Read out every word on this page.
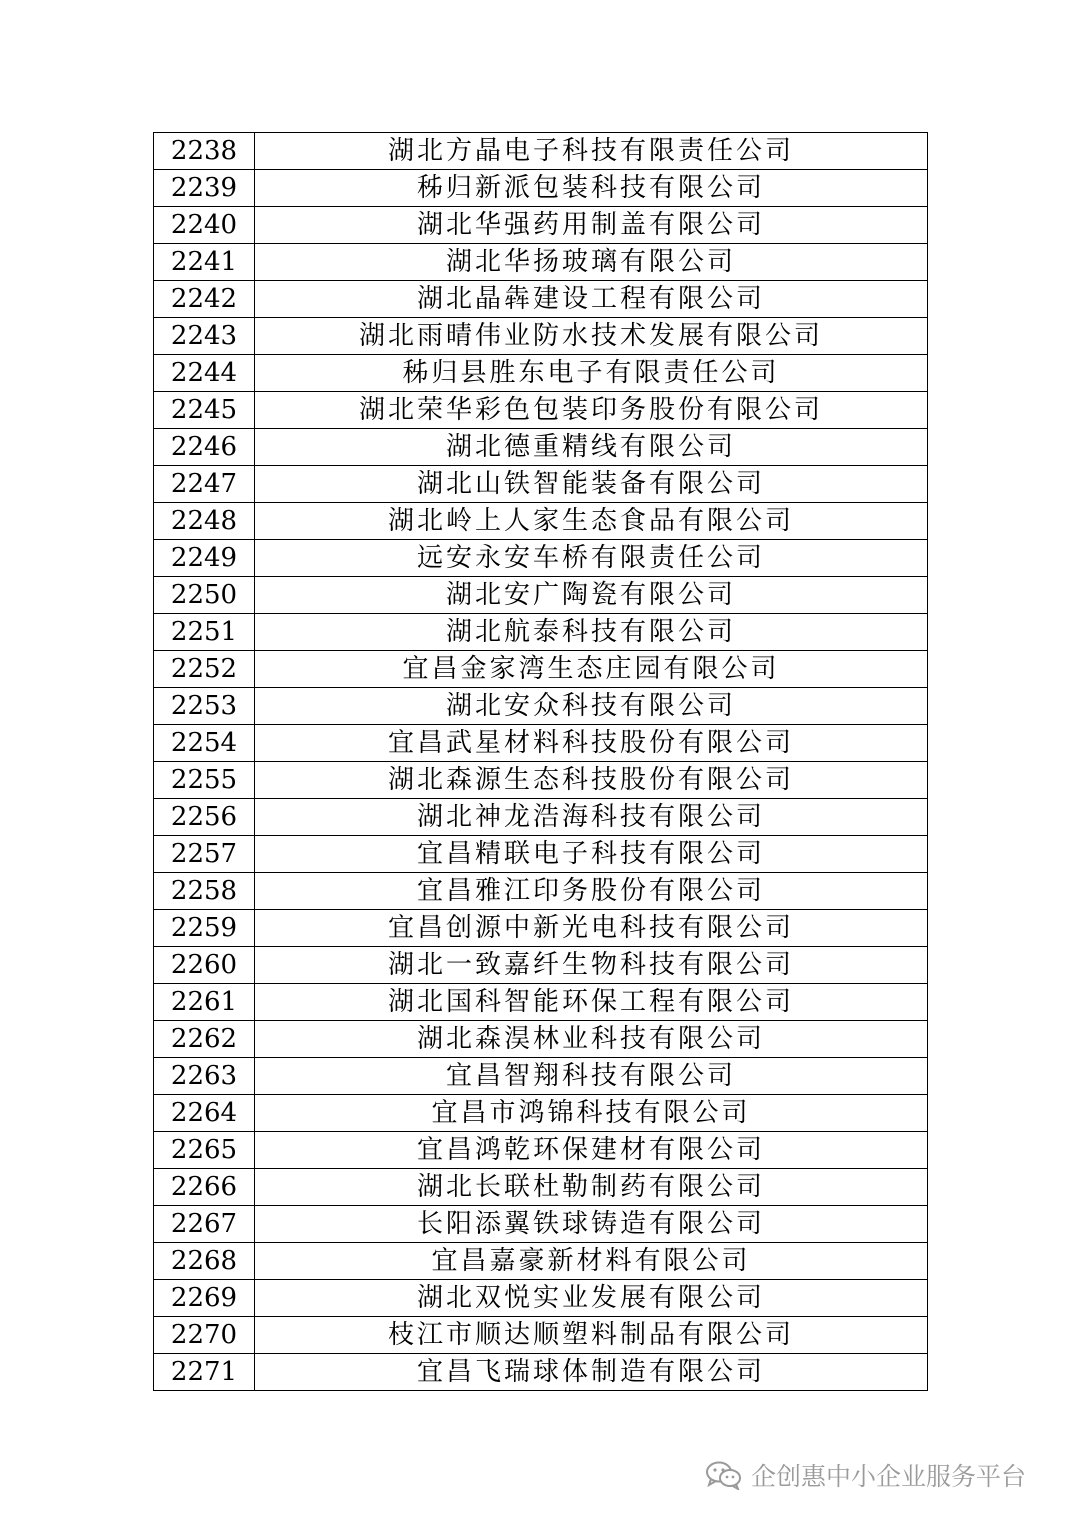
2238	湖北方晶电子科技有限责任公司
2239	秭归新派包装科技有限公司
2240	湖北华强药用制盖有限公司
2241	湖北华扬玻璃有限公司
2242	湖北晶犇建设工程有限公司
2243	湖北雨晴伟业防水技术发展有限公司
2244	秭归县胜东电子有限责任公司
2245	湖北荣华彩色包装印务股份有限公司
2246	湖北德重精线有限公司
2247	湖北山铁智能装备有限公司
2248	湖北岭上人家生态食品有限公司
2249	远安永安车桥有限责任公司
2250	湖北安广陶瓷有限公司
2251	湖北航泰科技有限公司
2252	宜昌金家湾生态庄园有限公司
2253	湖北安众科技有限公司
2254	宜昌武星材料科技股份有限公司
2255	湖北森源生态科技股份有限公司
2256	湖北神龙浩海科技有限公司
2257	宜昌精联电子科技有限公司
2258	宜昌雅江印务股份有限公司
2259	宜昌创源中新光电科技有限公司
2260	湖北一致嘉纤生物科技有限公司
2261	湖北国科智能环保工程有限公司
2262	湖北森淏林业科技有限公司
2263	宜昌智翔科技有限公司
2264	宜昌市鸿锦科技有限公司
2265	宜昌鸿乾环保建材有限公司
2266	湖北长联杜勒制药有限公司
2267	长阳添翼铁球铸造有限公司
2268	宜昌嘉豪新材料有限公司
2269	湖北双悦实业发展有限公司
2270	枝江市顺达顺塑料制品有限公司
2271	宜昌飞瑞球体制造有限公司
企创惠中小企业服务平台
